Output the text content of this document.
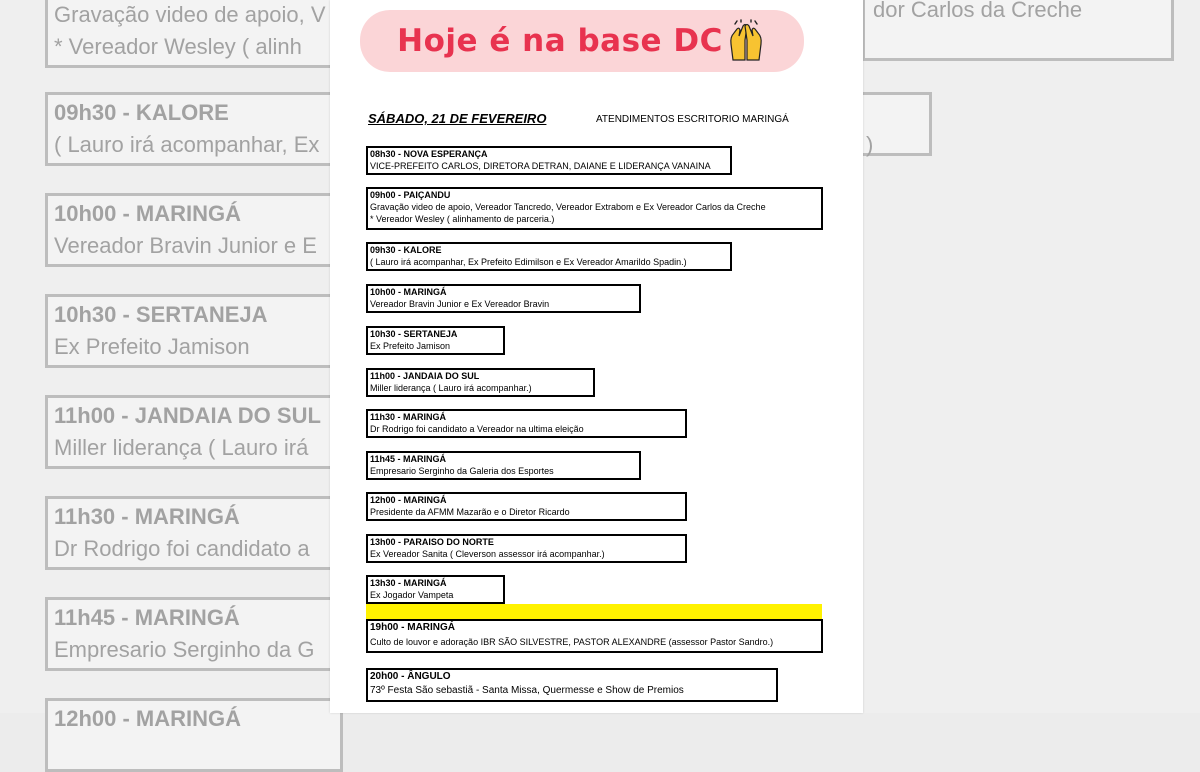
Gravação video de apoio, V
* Vereador Wesley ( alinh
dor Carlos da Creche
)
09h30 - KALORE
( Lauro irá acompanhar, Ex
10h00 - MARINGÁ
Vereador Bravin Junior e E
10h30 - SERTANEJA
Ex Prefeito Jamison
11h00 - JANDAIA DO SUL
Miller liderança ( Lauro irá
11h30 - MARINGÁ
Dr Rodrigo foi candidato a
11h45 - MARINGÁ
Empresario Serginho da G
12h00 - MARINGÁ
Hoje é na base DC
SÁBADO, 21 DE FEVEREIRO	ATENDIMENTOS ESCRITORIO MARINGÁ
08h30 - NOVA ESPERANÇA
VICE-PREFEITO CARLOS, DIRETORA DETRAN, DAIANE E LIDERANÇA VANAINA
09h00 - PAIÇANDU
Gravação video de apoio, Vereador Tancredo, Vereador Extrabom e Ex Vereador Carlos da Creche
* Vereador Wesley ( alinhamento de parceria.)
09h30 - KALORE
( Lauro irá acompanhar, Ex Prefeito Edimilson e Ex Vereador Amarildo Spadin.)
10h00 - MARINGÁ
Vereador Bravin Junior e Ex Vereador Bravin
10h30 - SERTANEJA
Ex Prefeito Jamison
11h00 - JANDAIA DO SUL
Miller liderança ( Lauro irá acompanhar.)
11h30 - MARINGÁ
Dr Rodrigo foi candidato a Vereador na ultima eleição
11h45 - MARINGÁ
Empresario Serginho da Galeria dos Esportes
12h00 - MARINGÁ
Presidente da AFMM Mazarão e o Diretor Ricardo
13h00 - PARAISO DO NORTE
Ex Vereador Sanita ( Cleverson assessor irá acompanhar.)
13h30 - MARINGÁ
Ex Jogador Vampeta
19h00 - MARINGÁ
Culto de louvor e adoração IBR SÃO SILVESTRE, PASTOR ALEXANDRE (assessor Pastor Sandro.)
20h00 - ÂNGULO
73º Festa São sebastiã - Santa Missa, Quermesse e Show de Premios
